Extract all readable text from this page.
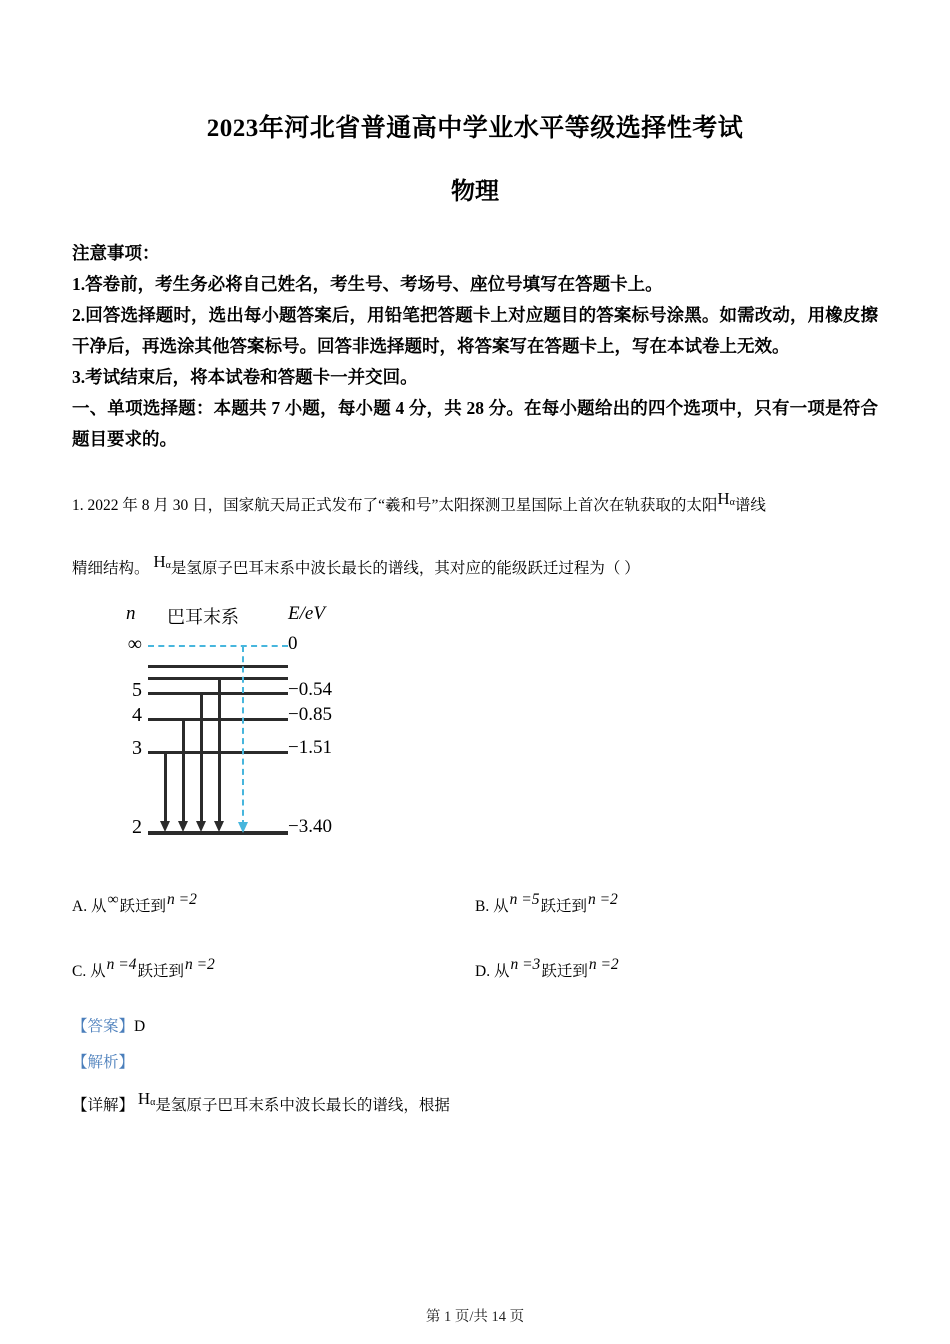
2023年河北省普通高中学业水平等级选择性考试
物理

注意事项：

1.答卷前，考生务必将自己姓名，考生号、考场号、座位号填写在答题卡上。

2.回答选择题时，选出每小题答案后，用铅笔把答题卡上对应题目的答案标号涂黑。如需改动，用橡皮擦干净后，再选涂其他答案标号。回答非选择题时，将答案写在答题卡上，写在本试卷上无效。

3.考试结束后，将本试卷和答题卡一并交回。

一、单项选择题：本题共 7 小题，每小题 4 分，共 28 分。在每小题给出的四个选项中，只有一项是符合题目要求的。

1. 2022 年 8 月 30 日，国家航天局正式发布了“羲和号”太阳探测卫星国际上首次在轨获取的太阳$H_\alpha$谱线

精细结构。 $H_\alpha$是氢原子巴耳末系中波长最长的谱线，其对应的能级跃迁过程为（ ）

n 巴耳末系	E/eV
∞	0
5	−0.54
4	−0.85
3	−1.51
2	−3.40
A. 从∞跃迁到n =2	B. 从n =5跃迁到n =2
C. 从n =4跃迁到n =2	D. 从n =3跃迁到n =2

【答案】D

【解析】

【详解】 $H_\alpha$是氢原子巴耳末系中波长最长的谱线，根据

第 1 页/共 14 页
